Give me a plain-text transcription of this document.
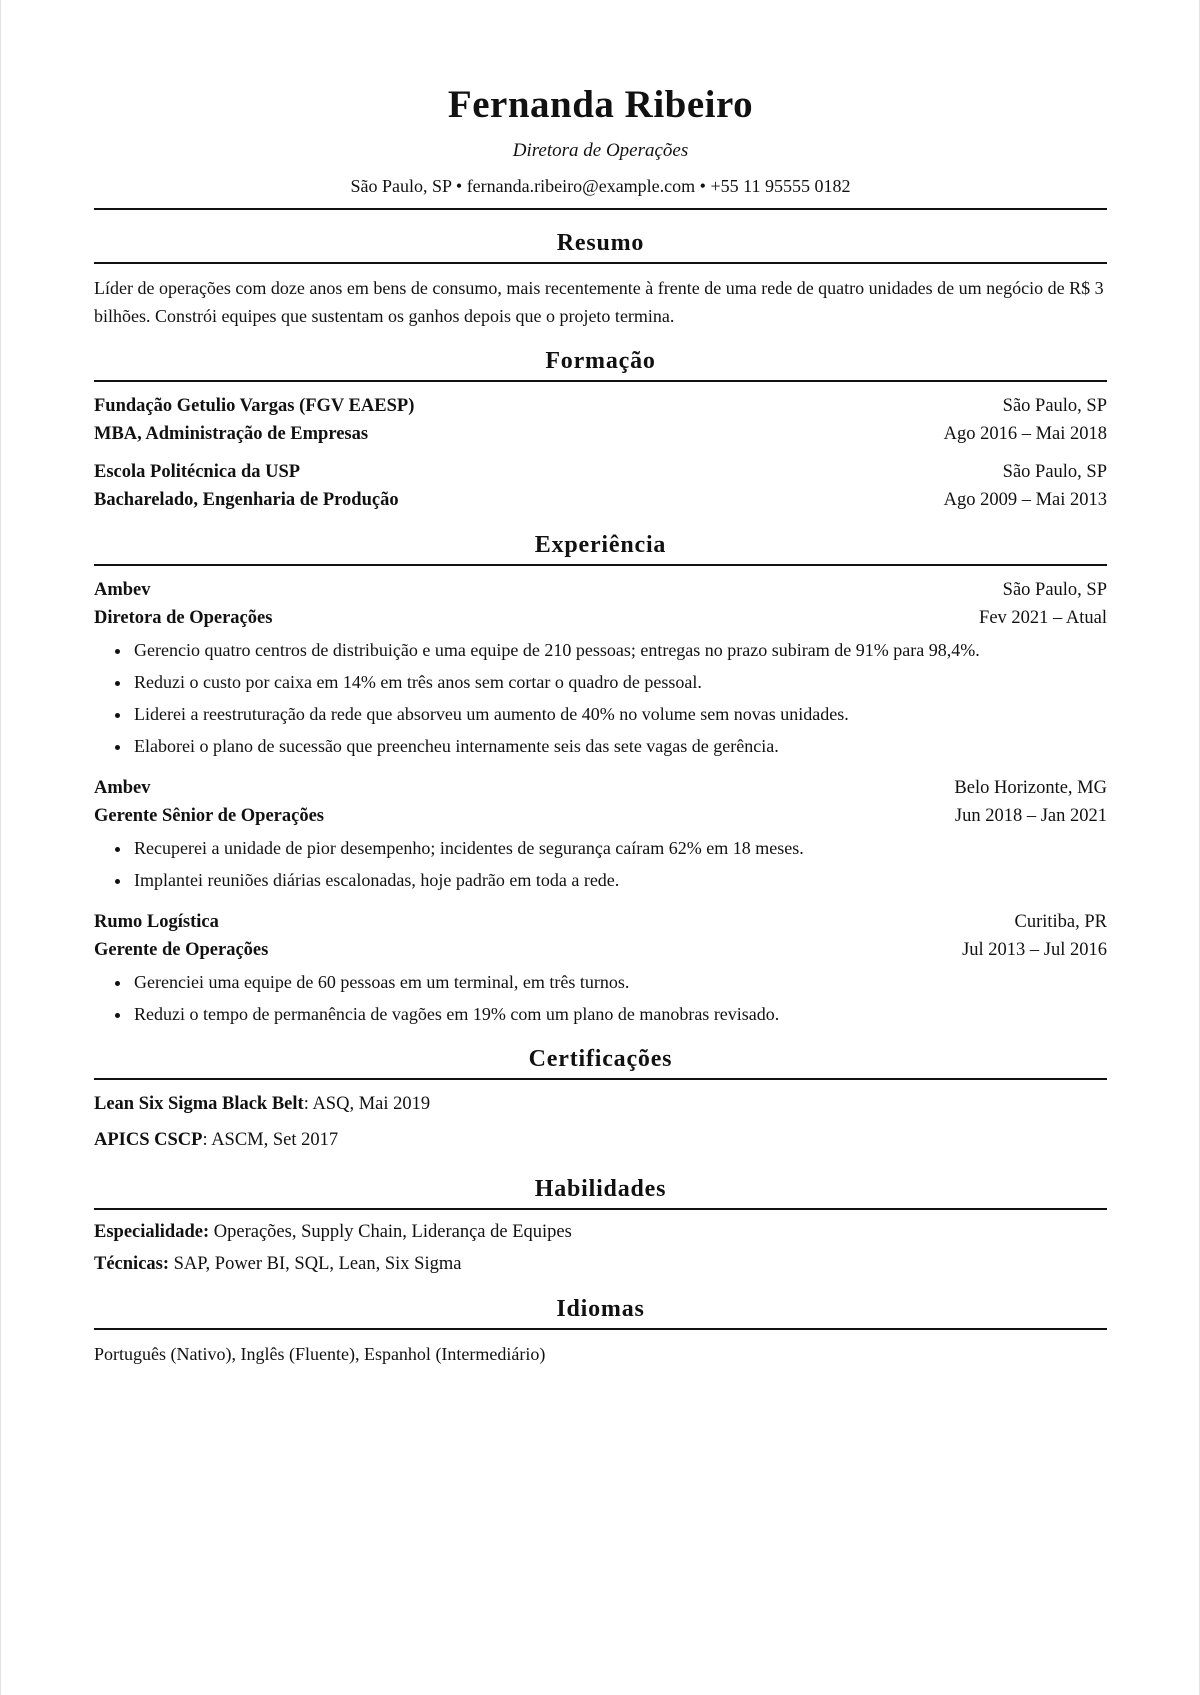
Fernanda Ribeiro
Diretora de Operações
São Paulo, SP • fernanda.ribeiro@example.com • +55 11 95555 0182
Resumo
Líder de operações com doze anos em bens de consumo, mais recentemente à frente de uma rede de quatro unidades de um negócio de R$ 3 bilhões. Constrói equipes que sustentam os ganhos depois que o projeto termina.
Formação
Fundação Getulio Vargas (FGV EAESP)	São Paulo, SP
MBA, Administração de Empresas	Ago 2016 – Mai 2018
Escola Politécnica da USP	São Paulo, SP
Bacharelado, Engenharia de Produção	Ago 2009 – Mai 2013
Experiência
Ambev	São Paulo, SP
Diretora de Operações	Fev 2021 – Atual
• Gerencio quatro centros de distribuição e uma equipe de 210 pessoas; entregas no prazo subiram de 91% para 98,4%.
• Reduzi o custo por caixa em 14% em três anos sem cortar o quadro de pessoal.
• Liderei a reestruturação da rede que absorveu um aumento de 40% no volume sem novas unidades.
• Elaborei o plano de sucessão que preencheu internamente seis das sete vagas de gerência.
Ambev	Belo Horizonte, MG
Gerente Sênior de Operações	Jun 2018 – Jan 2021
• Recuperei a unidade de pior desempenho; incidentes de segurança caíram 62% em 18 meses.
• Implantei reuniões diárias escalonadas, hoje padrão em toda a rede.
Rumo Logística	Curitiba, PR
Gerente de Operações	Jul 2013 – Jul 2016
• Gerenciei uma equipe de 60 pessoas em um terminal, em três turnos.
• Reduzi o tempo de permanência de vagões em 19% com um plano de manobras revisado.
Certificações
Lean Six Sigma Black Belt: ASQ, Mai 2019
APICS CSCP: ASCM, Set 2017
Habilidades
Especialidade: Operações, Supply Chain, Liderança de Equipes
Técnicas: SAP, Power BI, SQL, Lean, Six Sigma
Idiomas
Português (Nativo), Inglês (Fluente), Espanhol (Intermediário)
